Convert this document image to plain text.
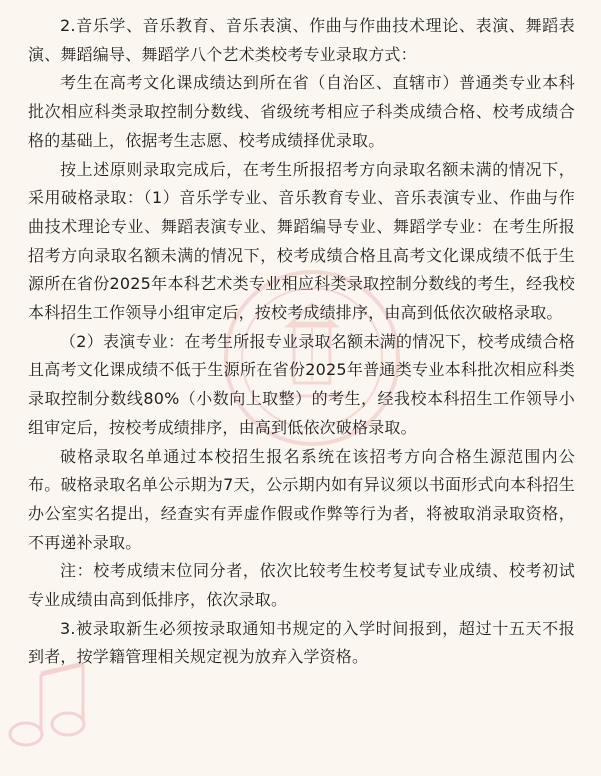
2.音乐学、音乐教育、音乐表演、作曲与作曲技术理论、表演、舞蹈表演、舞蹈编导、舞蹈学八个艺术类校考专业录取方式：

考生在高考文化课成绩达到所在省（自治区、直辖市）普通类专业本科批次相应科类录取控制分数线、省级统考相应子科类成绩合格、校考成绩合格的基础上，依据考生志愿、校考成绩择优录取。

按上述原则录取完成后，在考生所报招考方向录取名额未满的情况下，采用破格录取：（1）音乐学专业、音乐教育专业、音乐表演专业、作曲与作曲技术理论专业、舞蹈表演专业、舞蹈编导专业、舞蹈学专业：在考生所报招考方向录取名额未满的情况下，校考成绩合格且高考文化课成绩不低于生源所在省份2025年本科艺术类专业相应科类录取控制分数线的考生，经我校本科招生工作领导小组审定后，按校考成绩排序，由高到低依次破格录取。

（2）表演专业：在考生所报专业录取名额未满的情况下，校考成绩合格且高考文化课成绩不低于生源所在省份2025年普通类专业本科批次相应科类录取控制分数线80%（小数向上取整）的考生，经我校本科招生工作领导小组审定后，按校考成绩排序，由高到低依次破格录取。

破格录取名单通过本校招生报名系统在该招考方向合格生源范围内公布。破格录取名单公示期为7天，公示期内如有异议须以书面形式向本科招生办公室实名提出，经查实有弄虚作假或作弊等行为者，将被取消录取资格，不再递补录取。

注：校考成绩末位同分者，依次比较考生校考复试专业成绩、校考初试专业成绩由高到低排序，依次录取。

3.被录取新生必须按录取通知书规定的入学时间报到，超过十五天不报到者，按学籍管理相关规定视为放弃入学资格。
